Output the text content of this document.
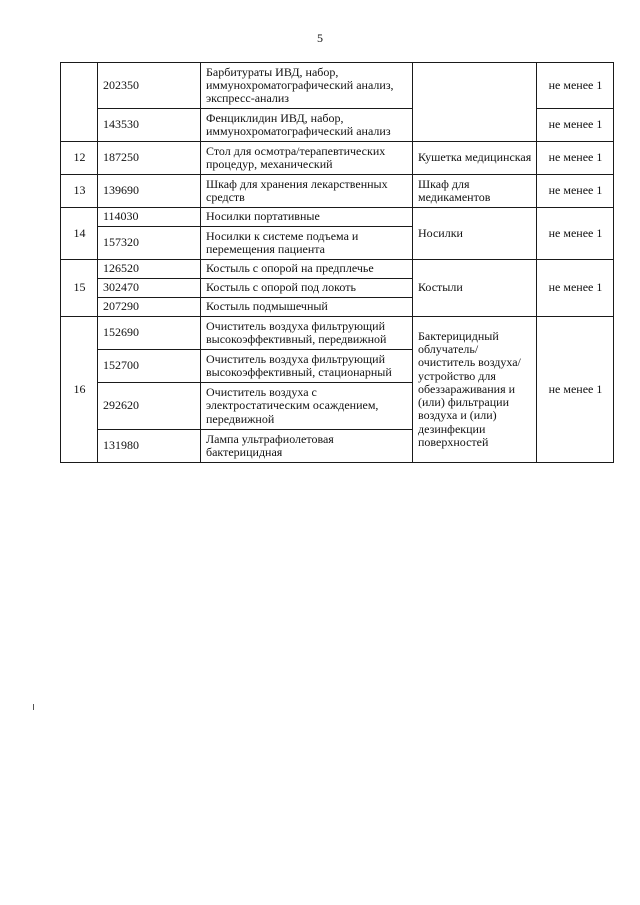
5
	202350	Барбитураты ИВД, набор, иммунохроматографический анализ, экспресс-анализ		не менее 1
	143530	Фенциклидин ИВД, набор, иммунохроматографический анализ		не менее 1
12	187250	Стол для осмотра/терапевтических процедур, механический	Кушетка медицинская	не менее 1
13	139690	Шкаф для хранения лекарственных средств	Шкаф для медикаментов	не менее 1
14	114030	Носилки портативные	Носилки	не менее 1
	157320	Носилки к системе подъема и перемещения пациента		
15	126520	Костыль с опорой на предплечье	Костыли	не менее 1
	302470	Костыль с опорой под локоть		
	207290	Костыль подмышечный		
16	152690	Очиститель воздуха фильтрующий высокоэффективный, передвижной	Бактерицидный облучатель/ очиститель воздуха/ устройство для обеззараживания и (или) фильтрации воздуха и (или) дезинфекции поверхностей	не менее 1
	152700	Очиститель воздуха фильтрующий высокоэффективный, стационарный		
	292620	Очиститель воздуха с электростатическим осаждением, передвижной		
	131980	Лампа ультрафиолетовая бактерицидная		
